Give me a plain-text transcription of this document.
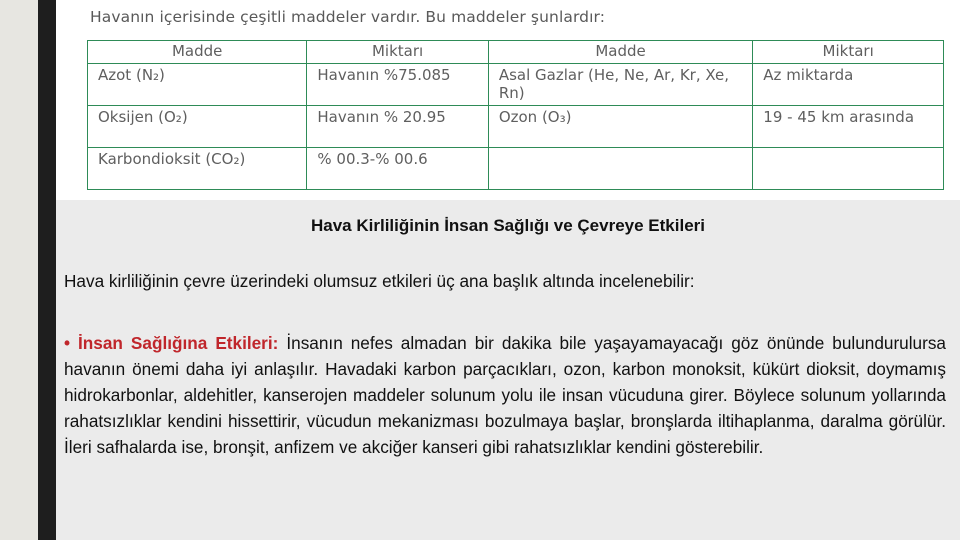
Havanın içerisinde çeşitli maddeler vardır. Bu maddeler şunlardır:
Madde	Miktarı	Madde	Miktarı
Azot (N₂)	Havanın %75.085	Asal Gazlar (He, Ne, Ar, Kr, Xe, Rn)	Az miktarda
Oksijen (O₂)	Havanın % 20.95	Ozon (O₃)	19 - 45 km arasında
Karbondioksit (CO₂)	% 00.3-% 00.6		
Hava Kirliliğinin İnsan Sağlığı ve Çevreye Etkileri
Hava kirliliğinin çevre üzerindeki olumsuz etkileri üç ana başlık altında incelenebilir:
• İnsan Sağlığına Etkileri: İnsanın nefes almadan bir dakika bile yaşayamayacağı göz önünde bulundurulursa havanın önemi daha iyi anlaşılır. Havadaki karbon parçacıkları, ozon, karbon monoksit, kükürt dioksit, doymamış hidrokarbonlar, aldehitler, kanserojen maddeler solunum yolu ile insan vücuduna girer. Böylece solunum yollarında rahatsızlıklar kendini hissettirir, vücudun mekanizması bozulmaya başlar, bronşlarda iltihaplanma, daralma görülür. İleri safhalarda ise, bronşit, anfizem ve akciğer kanseri gibi rahatsızlıklar kendini gösterebilir.
